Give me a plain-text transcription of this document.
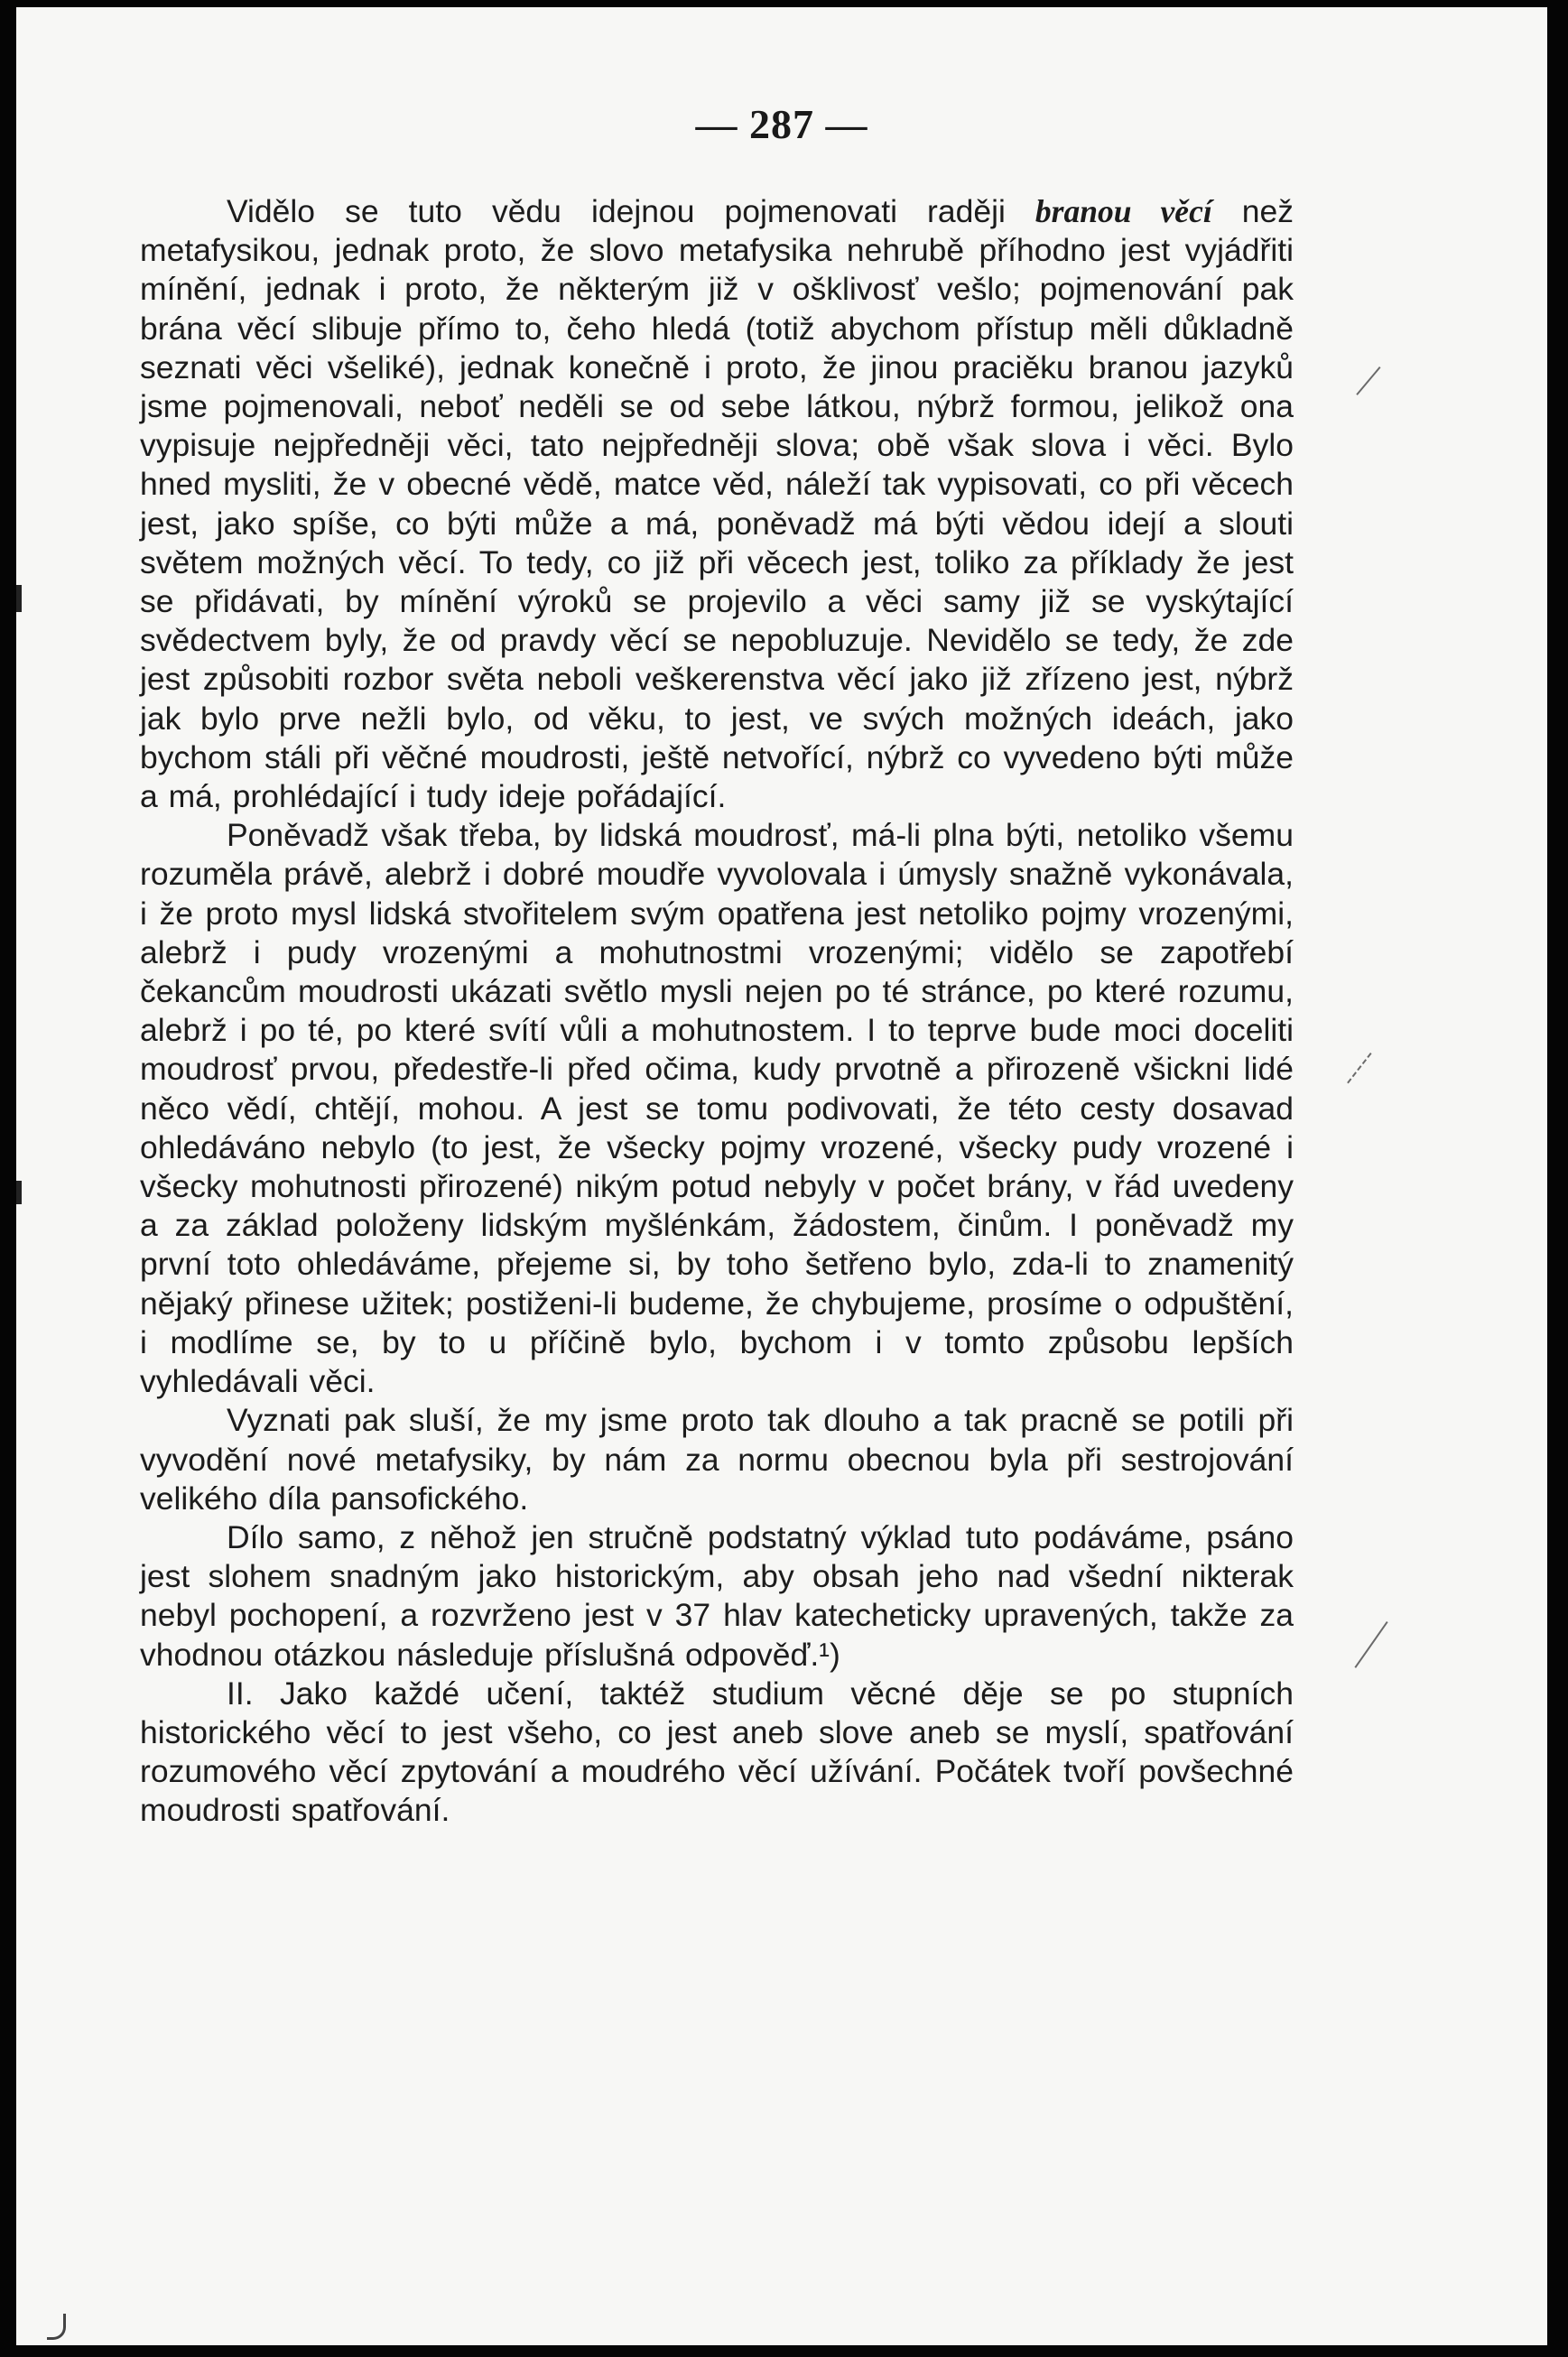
— 287 —

Vidělo se tuto vědu idejnou pojmenovati raději branou věcí než metafysikou, jednak proto, že slovo metafysika nehrubě příhodno jest vyjádřiti mínění, jednak i proto, že některým již v ošklivosť vešlo; pojmenování pak brána věcí slibuje přímo to, čeho hledá (totiž abychom přístup měli důkladně seznati věci všeliké), jednak konečně i proto, že jinou praciěku branou jazyků jsme pojmenovali, neboť neděli se od sebe látkou, nýbrž formou, jelikož ona vypisuje nejpředněji věci, tato nejpředněji slova; obě však slova i věci. Bylo hned mysliti, že v obecné vědě, matce věd, náleží tak vypisovati, co při věcech jest, jako spíše, co býti může a má, poněvadž má býti vědou idejí a slouti světem možných věcí. To tedy, co již při věcech jest, toliko za příklady že jest se přidávati, by mínění výroků se projevilo a věci samy již se vyskýtající svědectvem byly, že od pravdy věcí se nepobluzuje. Nevidělo se tedy, že zde jest způsobiti rozbor světa neboli veškerenstva věcí jako již zřízeno jest, nýbrž jak bylo prve nežli bylo, od věku, to jest, ve svých možných ideách, jako bychom stáli při věčné moudrosti, ještě netvořící, nýbrž co vyvedeno býti může a má, prohlédající i tudy ideje pořádající.

Poněvadž však třeba, by lidská moudrosť, má-li plna býti, netoliko všemu rozuměla právě, alebrž i dobré moudře vyvolovala i úmysly snažně vykonávala, i že proto mysl lidská stvořitelem svým opatřena jest netoliko pojmy vrozenými, alebrž i pudy vrozenými a mohutnostmi vrozenými; vidělo se zapotřebí čekancům moudrosti ukázati světlo mysli nejen po té stránce, po které rozumu, alebrž i po té, po které svítí vůli a mohutnostem. I to teprve bude moci doceliti moudrosť prvou, předestře-li před očima, kudy prvotně a přirozeně všickni lidé něco vědí, chtějí, mohou. A jest se tomu podivovati, že této cesty dosavad ohledáváno nebylo (to jest, že všecky pojmy vrozené, všecky pudy vrozené i všecky mohutnosti přirozené) nikým potud nebyly v počet brány, v řád uvedeny a za základ položeny lidským myšlénkám, žádostem, činům. I poněvadž my první toto ohledáváme, přejeme si, by toho šetřeno bylo, zda-li to znamenitý nějaký přinese užitek; postiženi-li budeme, že chybujeme, prosíme o odpuštění, i modlíme se, by to u příčině bylo, bychom i v tomto způsobu lepších vyhledávali věci.

Vyznati pak sluší, že my jsme proto tak dlouho a tak pracně se potili při vyvodění nové metafysiky, by nám za normu obecnou byla při sestrojování velikého díla pansofického.

Dílo samo, z něhož jen stručně podstatný výklad tuto podáváme, psáno jest slohem snadným jako historickým, aby obsah jeho nad všední nikterak nebyl pochopení, a rozvrženo jest v 37 hlav katecheticky upravených, takže za vhodnou otázkou následuje příslušná odpověď.¹)

II. Jako každé učení, taktéž studium věcné děje se po stupních historického věcí to jest všeho, co jest aneb slove aneb se myslí, spatřování rozumového věcí zpytování a moudrého věcí užívání. Počátek tvoří povšechné moudrosti spatřování.
